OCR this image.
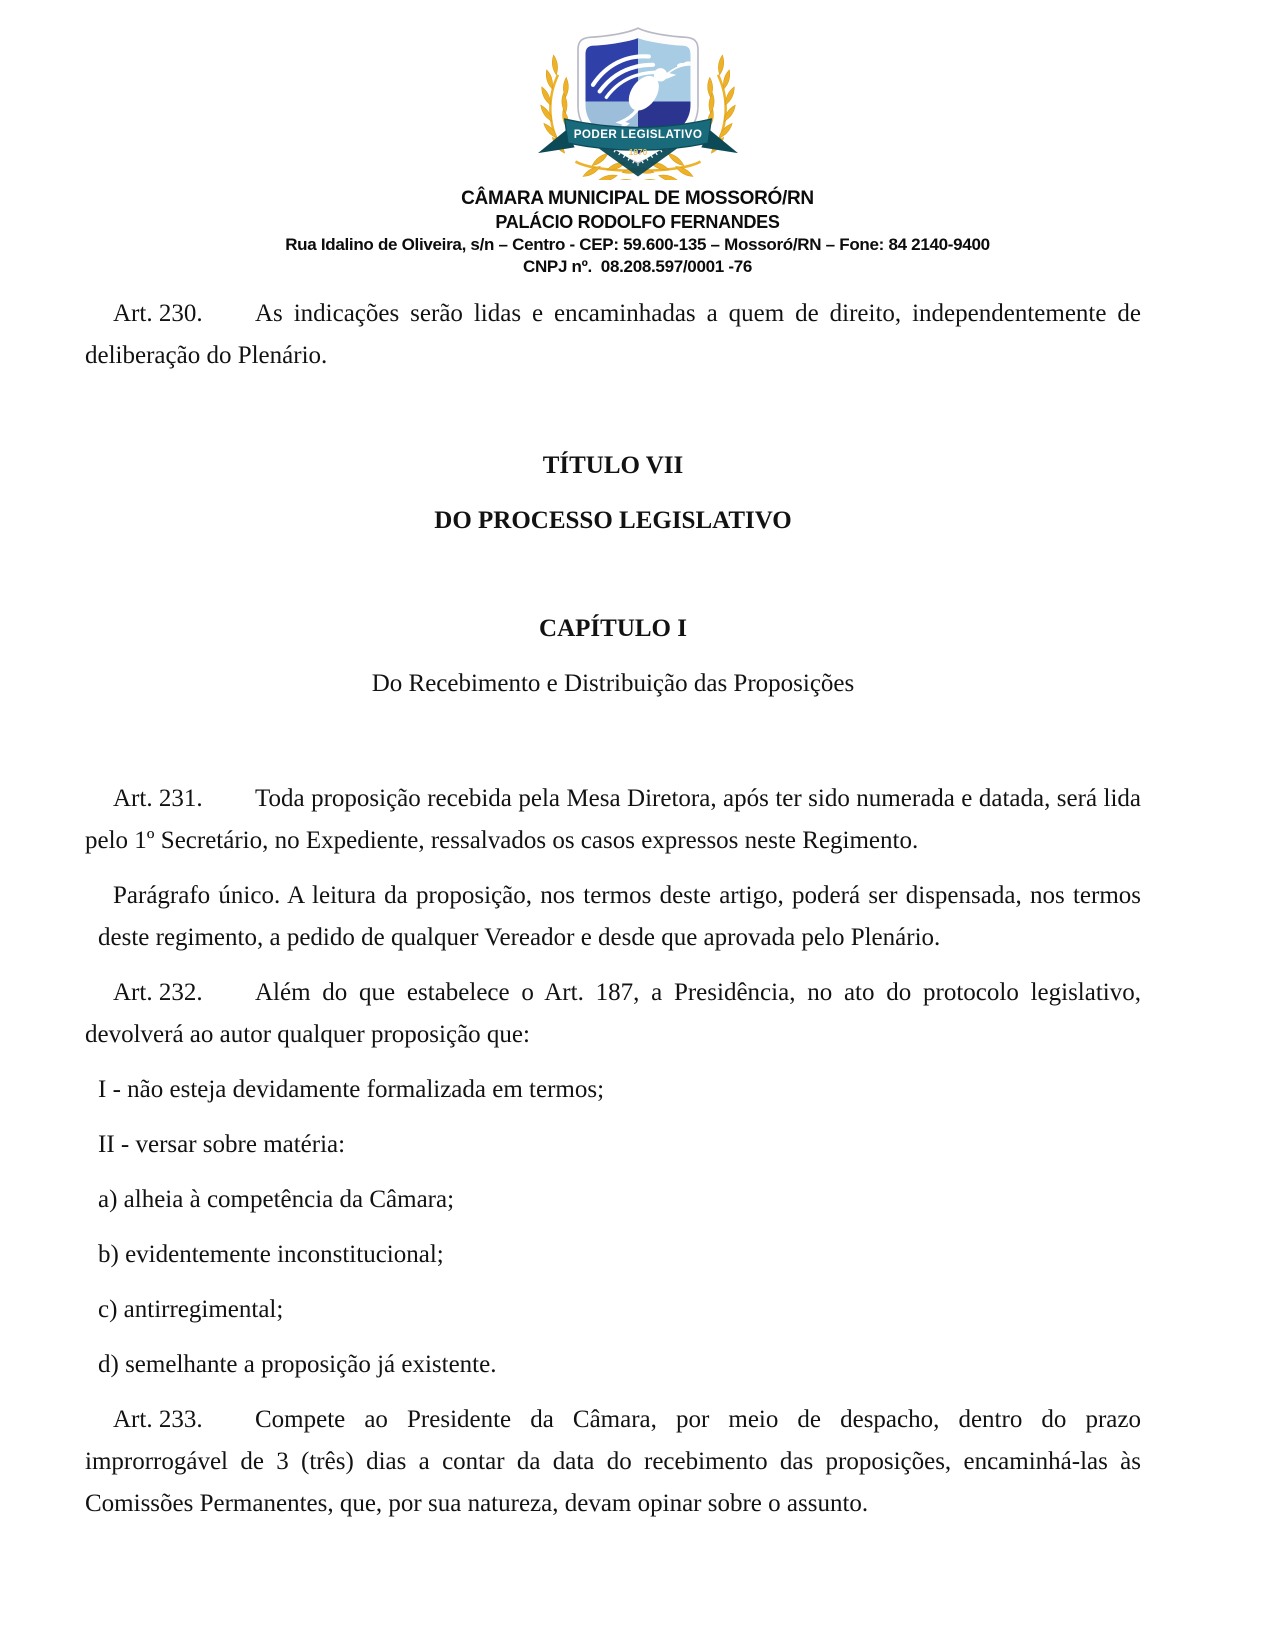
PODER LEGISLATIVO
1870
CÂMARA MUNICIPAL DE MOSSORÓ/RN
PALÁCIO RODOLFO FERNANDES
Rua Idalino de Oliveira, s/n – Centro - CEP: 59.600-135 – Mossoró/RN – Fone: 84 2140-9400
CNPJ nº.  08.208.597/0001 -76

Art. 230. As indicações serão lidas e encaminhadas a quem de direito, independentemente de deliberação do Plenário.

TÍTULO VII

DO PROCESSO LEGISLATIVO

CAPÍTULO I

Do Recebimento e Distribuição das Proposições

Art. 231. Toda proposição recebida pela Mesa Diretora, após ter sido numerada e datada, será lida pelo 1º Secretário, no Expediente, ressalvados os casos expressos neste Regimento.

Parágrafo único. A leitura da proposição, nos termos deste artigo, poderá ser dispensada, nos termos deste regimento, a pedido de qualquer Vereador e desde que aprovada pelo Plenário.

Art. 232. Além do que estabelece o Art. 187, a Presidência, no ato do protocolo legislativo, devolverá ao autor qualquer proposição que:

I - não esteja devidamente formalizada em termos;

II - versar sobre matéria:

a) alheia à competência da Câmara;

b) evidentemente inconstitucional;

c) antirregimental;

d) semelhante a proposição já existente.

Art. 233. Compete ao Presidente da Câmara, por meio de despacho, dentro do prazo improrrogável de 3 (três) dias a contar da data do recebimento das proposições, encaminhá-las às Comissões Permanentes, que, por sua natureza, devam opinar sobre o assunto.
